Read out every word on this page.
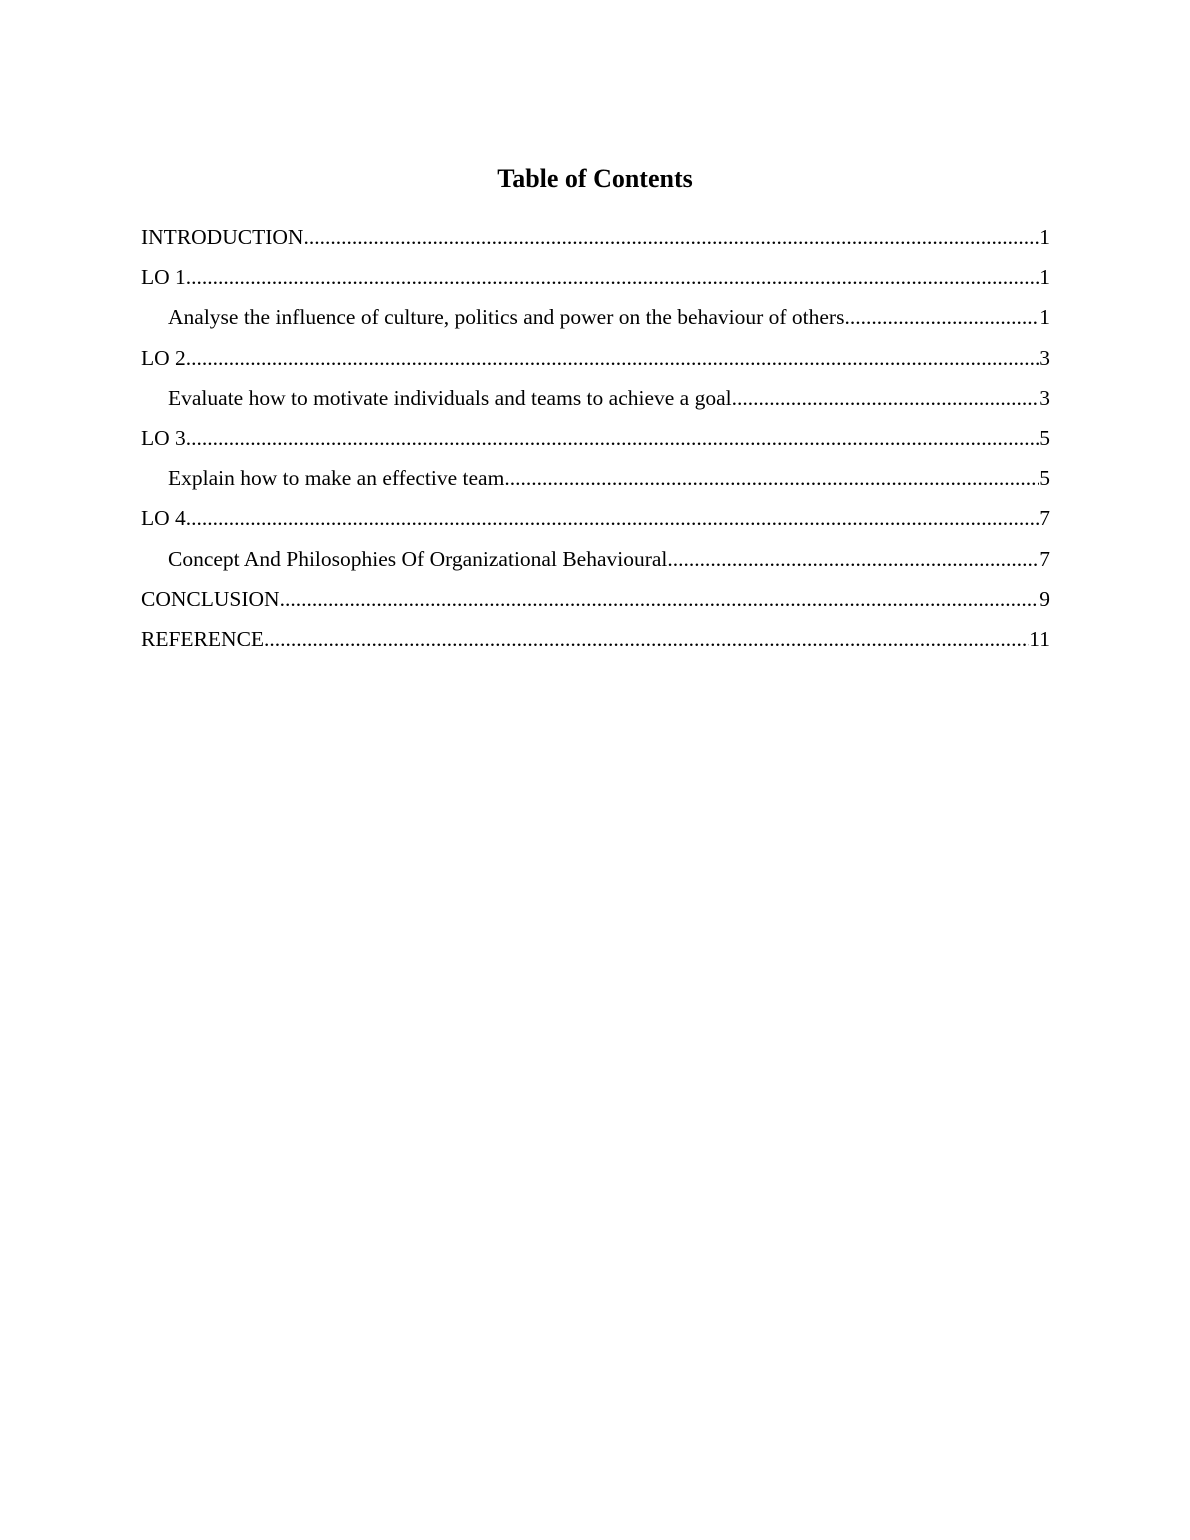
Table of Contents
INTRODUCTION .....	1
LO 1 .....	1
Analyse the influence of culture, politics and power on the behaviour of others .....	1
LO 2 .....	3
Evaluate how to motivate individuals and teams to achieve a goal .....	3
LO 3 .....	5
Explain how to make an effective team .....	5
LO 4 .....	7
Concept And Philosophies Of Organizational Behavioural .....	7
CONCLUSION .....	9
REFERENCE .....	11
